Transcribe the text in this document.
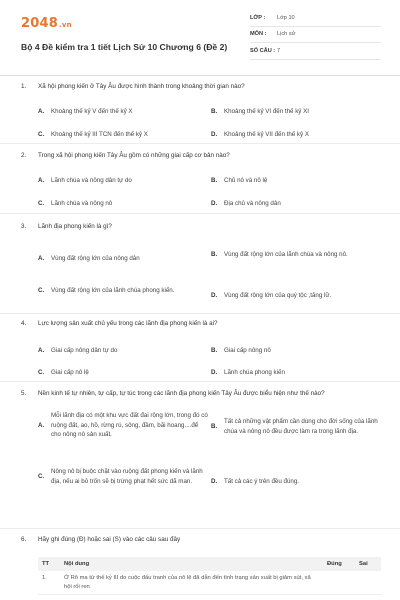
2048.vn
Bộ 4 Đề kiểm tra 1 tiết Lịch Sử 10 Chương 6 (Đề 2)
LỚP :	Lớp 10
MÔN :	Lịch sử
SỐ CÂU : 7
1.	Xã hội phong kiến ở Tây Âu được hình thành trong khoảng thời gian nào?
A.	Khoảng thế kỷ V đến thế kỷ X	B.	Khoảng thế kỷ VI đến thế kỷ XI
C.	Khoảng thế kỷ III TCN đến thế kỷ X	D.	Khoảng thế kỷ VII đến thế kỷ X
2.	Trong xã hội phong kiến Tây Âu gồm có những giai cấp cơ bản nào?
A.	Lãnh chúa và nông dân tự do	B.	Chủ nô và nô lệ
C.	Lãnh chúa và nông nô	D.	Địa chủ và nông dân
3.	Lãnh địa phong kiến là gì?
A.	Vùng đất rộng lớn của nông dân
B.	Vùng đất rộng lớn của lãnh chúa và nông nô.
C.	Vùng đất rộng lớn của lãnh chúa phong kiến.
D.	Vùng đất rộng lớn của quý tộc ,tăng lữ.
4.	Lực lượng sản xuất chủ yếu trong các lãnh địa phong kiến là ai?
A.	Giai cấp nông dân tự do	B.	Giai cấp nông nô
C.	Giai cấp nô lệ	D.	Lãnh chúa phong kiến
5.	Nền kinh tế tự nhiên, tự cấp, tự túc trong các lãnh địa phong kiến Tây Âu được biểu hiện như thế nào?
A.
Mỗi lãnh địa có một khu vực đất đai rộng lớn, trong đó có ruộng đất, ao, hồ, rừng rú, sông, đầm, bãi hoang....để cho nông nô sản xuất.
B.
Tất cả những vật phẩm cần dùng cho đời sống của lãnh chúa và nông nô đều được làm ra trong lãnh địa.
C.
Nông nô bị buộc chặt vào ruộng đất phong kiến và lãnh địa, nếu ai bỏ trốn sẽ bị trừng phạt hết sức dã man.	D.	Tất cả các ý trên đều đúng.
6.	Hãy ghi đúng (Đ) hoặc sai (S) vào các câu sau đây
TT	Nội dung	Đúng	Sai
1.	Ở Rô ma từ thế kỷ III do cuộc đấu tranh của nô lệ đã dẫn đến tình trạng sản xuất bị giảm sút, xã hội rối ren		
